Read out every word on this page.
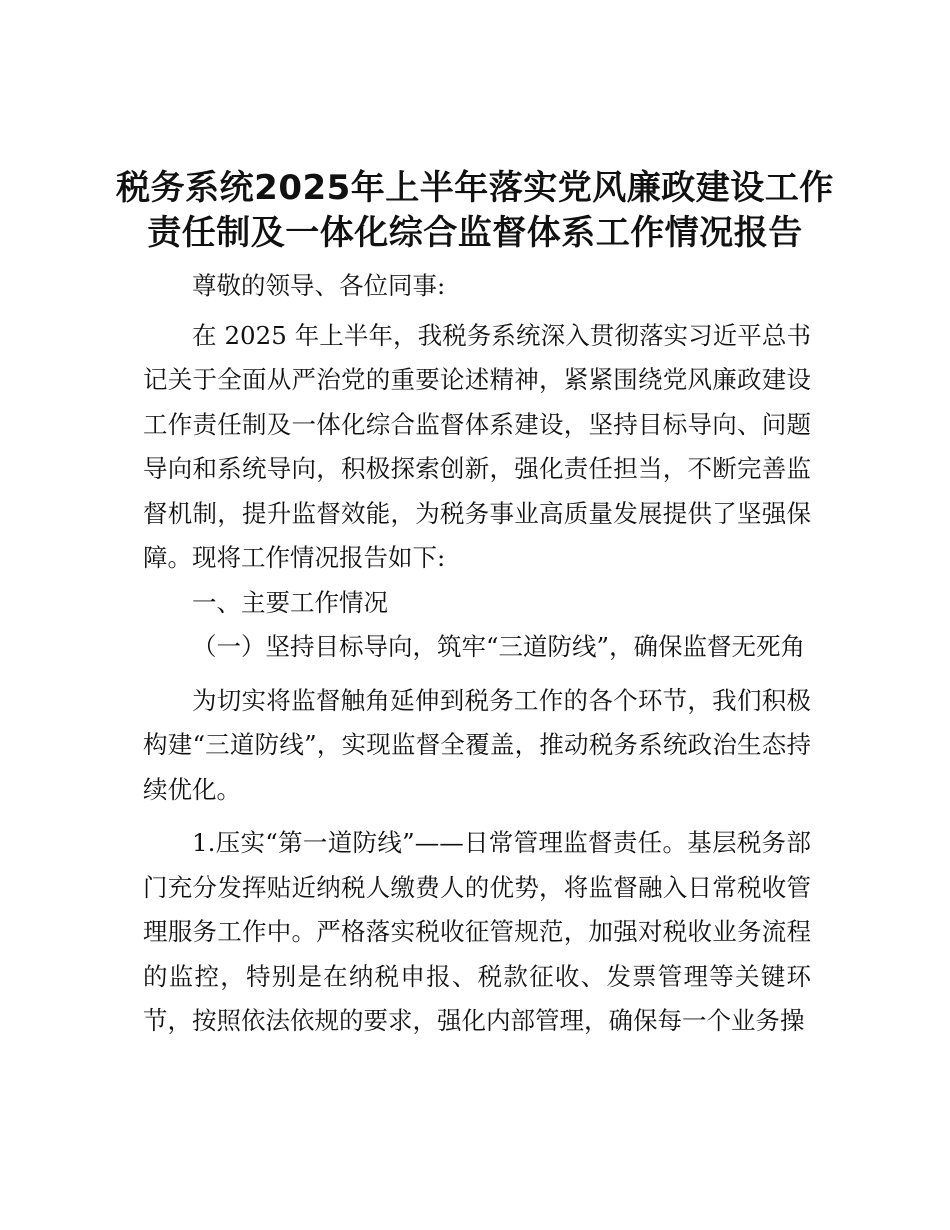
税务系统2025年上半年落实党风廉政建设工作
责任制及一体化综合监督体系工作情况报告

尊敬的领导、各位同事:

在 2025 年上半年，我税务系统深入贯彻落实习近平总书记关于全面从严治党的重要论述精神，紧紧围绕党风廉政建设工作责任制及一体化综合监督体系建设，坚持目标导向、问题导向和系统导向，积极探索创新，强化责任担当，不断完善监督机制，提升监督效能，为税务事业高质量发展提供了坚强保障。现将工作情况报告如下:

一、主要工作情况

（一）坚持目标导向，筑牢“三道防线”，确保监督无死角

为切实将监督触角延伸到税务工作的各个环节，我们积极构建“三道防线”，实现监督全覆盖，推动税务系统政治生态持续优化。

1.压实“第一道防线”——日常管理监督责任。基层税务部门充分发挥贴近纳税人缴费人的优势，将监督融入日常税收管理服务工作中。严格落实税收征管规范，加强对税收业务流程的监控，特别是在纳税申报、税款征收、发票管理等关键环节，按照依法依规的要求，强化内部管理，确保每一个业务操
